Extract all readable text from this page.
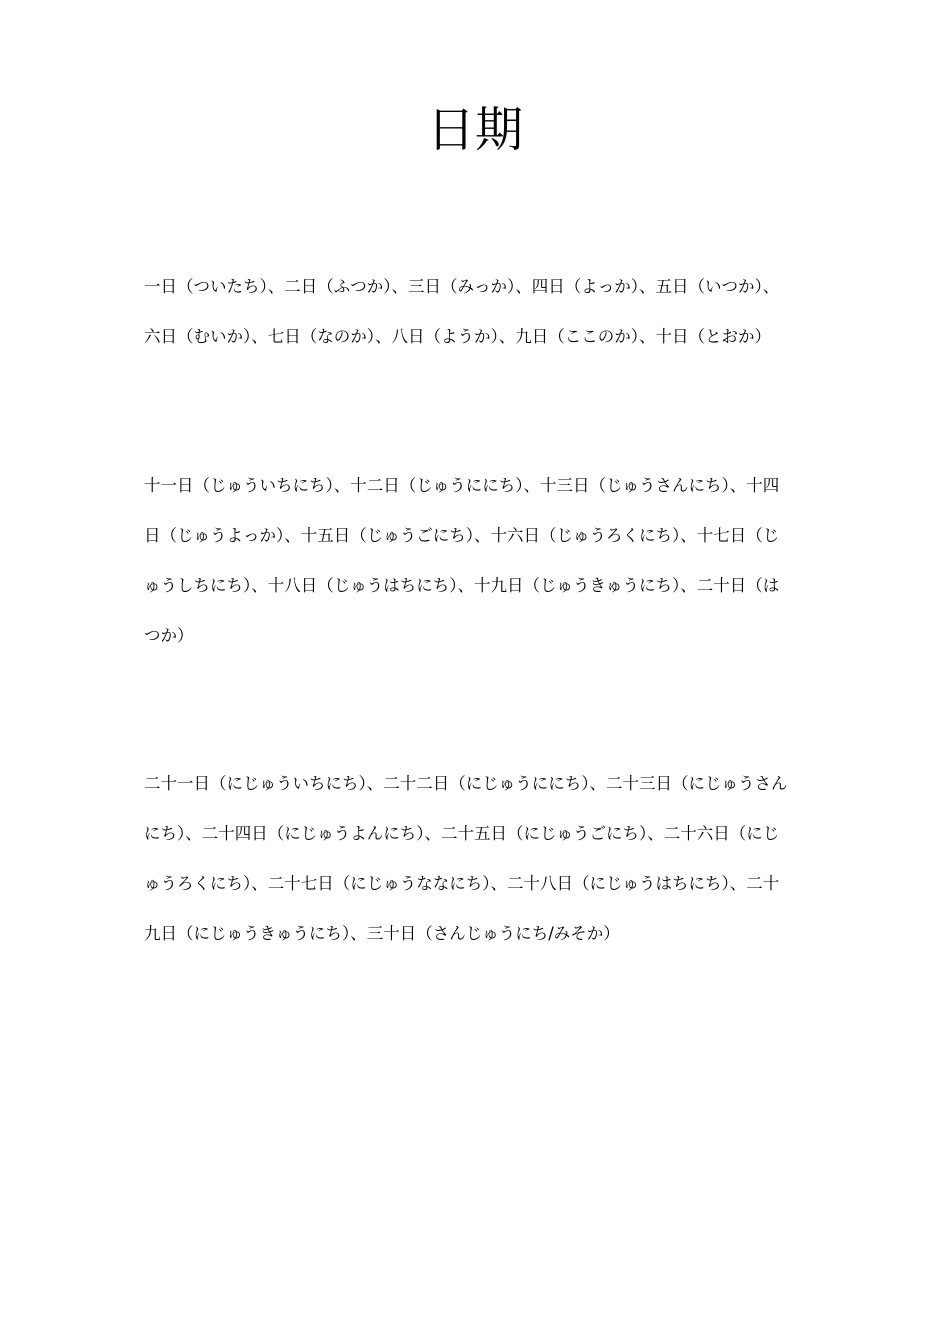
日期

一日（ついたち）、二日（ふつか）、三日（みっか）、四日（よっか）、五日（いつか）、
六日（むいか）、七日（なのか）、八日（ようか）、九日（ここのか）、十日（とおか）

十一日（じゅういちにち）、十二日（じゅうににち）、十三日（じゅうさんにち）、十四
日（じゅうよっか）、十五日（じゅうごにち）、十六日（じゅうろくにち）、十七日（じ
ゅうしちにち）、十八日（じゅうはちにち）、十九日（じゅうきゅうにち）、二十日（は
つか）

二十一日（にじゅういちにち）、二十二日（にじゅうににち）、二十三日（にじゅうさん
にち）、二十四日（にじゅうよんにち）、二十五日（にじゅうごにち）、二十六日（にじ
ゅうろくにち）、二十七日（にじゅうななにち）、二十八日（にじゅうはちにち）、二十
九日（にじゅうきゅうにち）、三十日（さんじゅうにち/みそか）
